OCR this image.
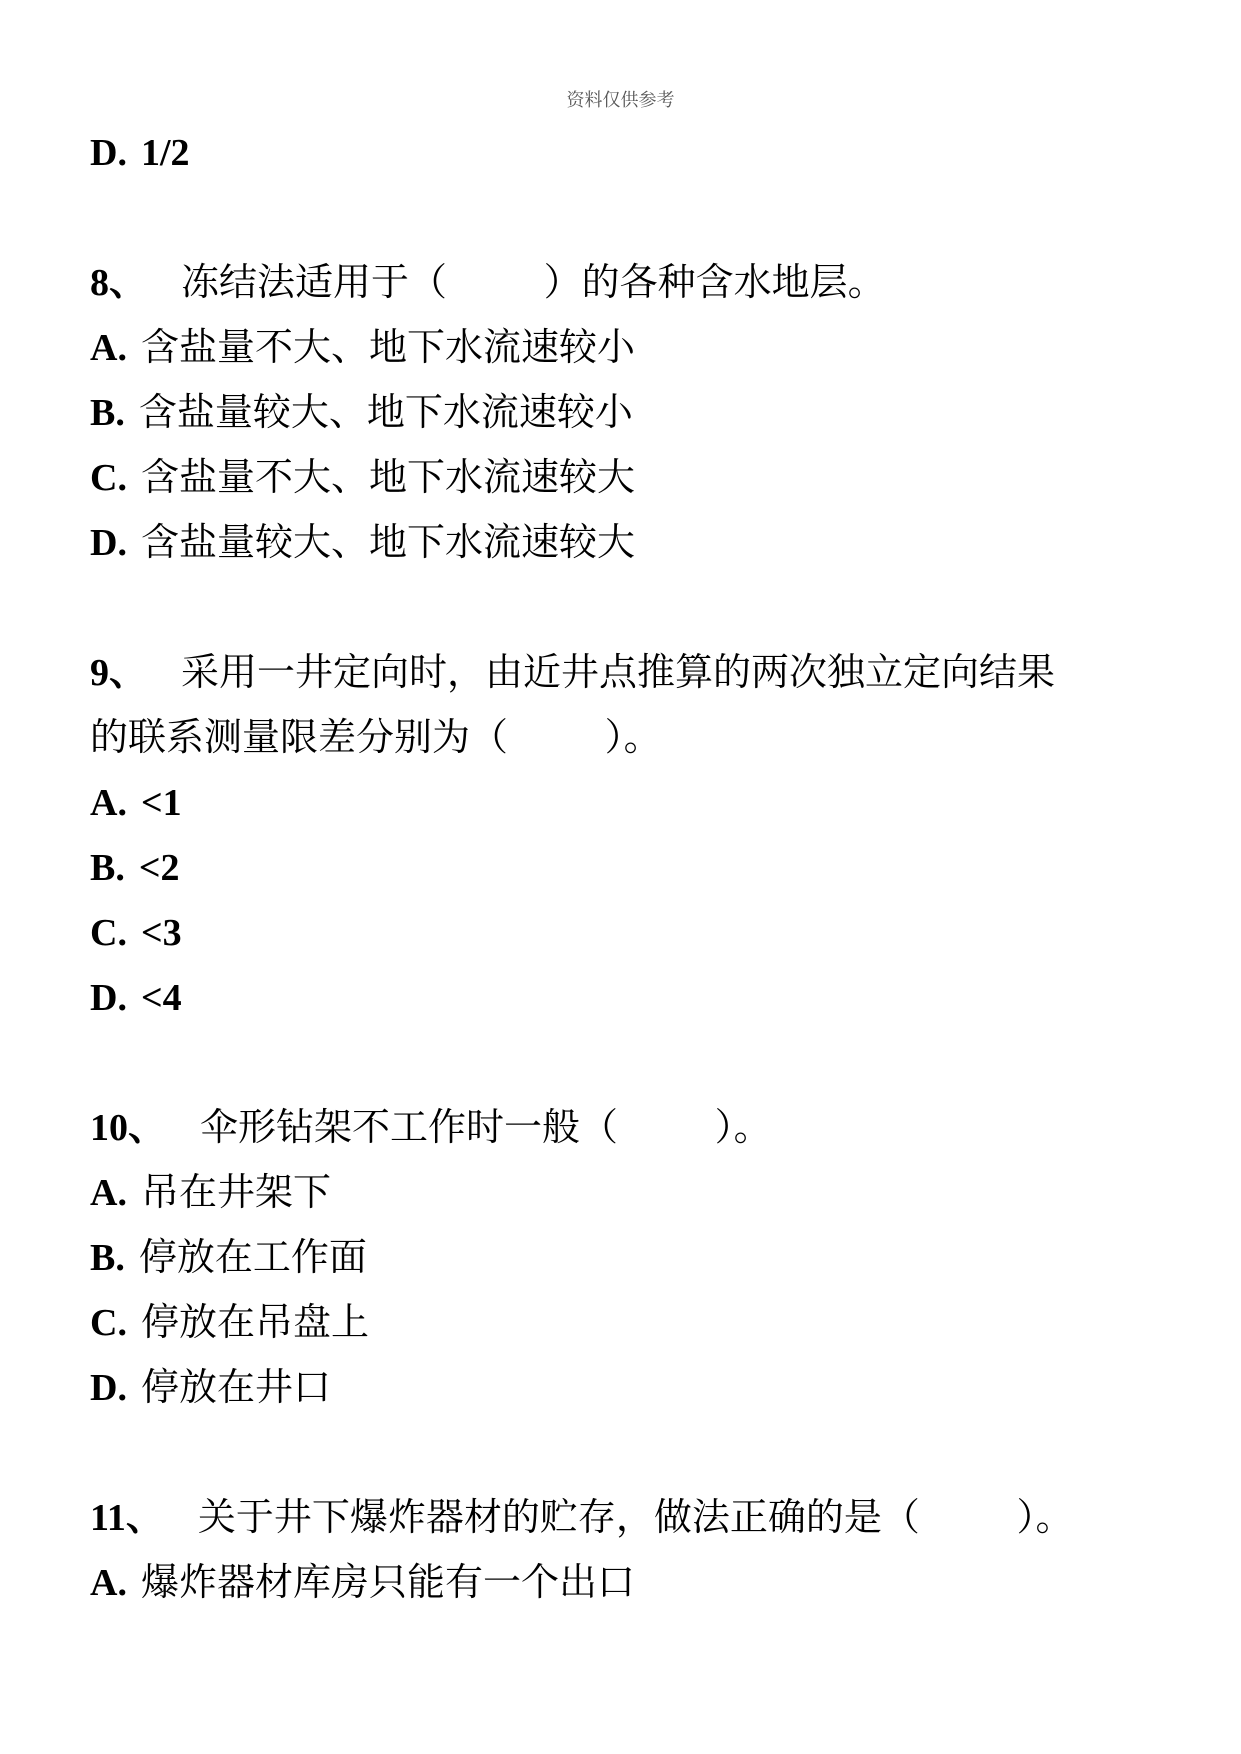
资料仅供参考
D. 1/2
8、 冻结法适用于（        ）的各种含水地层。
A. 含盐量不大、地下水流速较小
B. 含盐量较大、地下水流速较小
C. 含盐量不大、地下水流速较大
D. 含盐量较大、地下水流速较大
9、 采用一井定向时，由近井点推算的两次独立定向结果
的联系测量限差分别为（        ）。
A. <1
B. <2
C. <3
D. <4
10、 伞形钻架不工作时一般（        ）。
A. 吊在井架下
B. 停放在工作面
C. 停放在吊盘上
D. 停放在井口
11、 关于井下爆炸器材的贮存，做法正确的是（        ）。
A. 爆炸器材库房只能有一个出口
